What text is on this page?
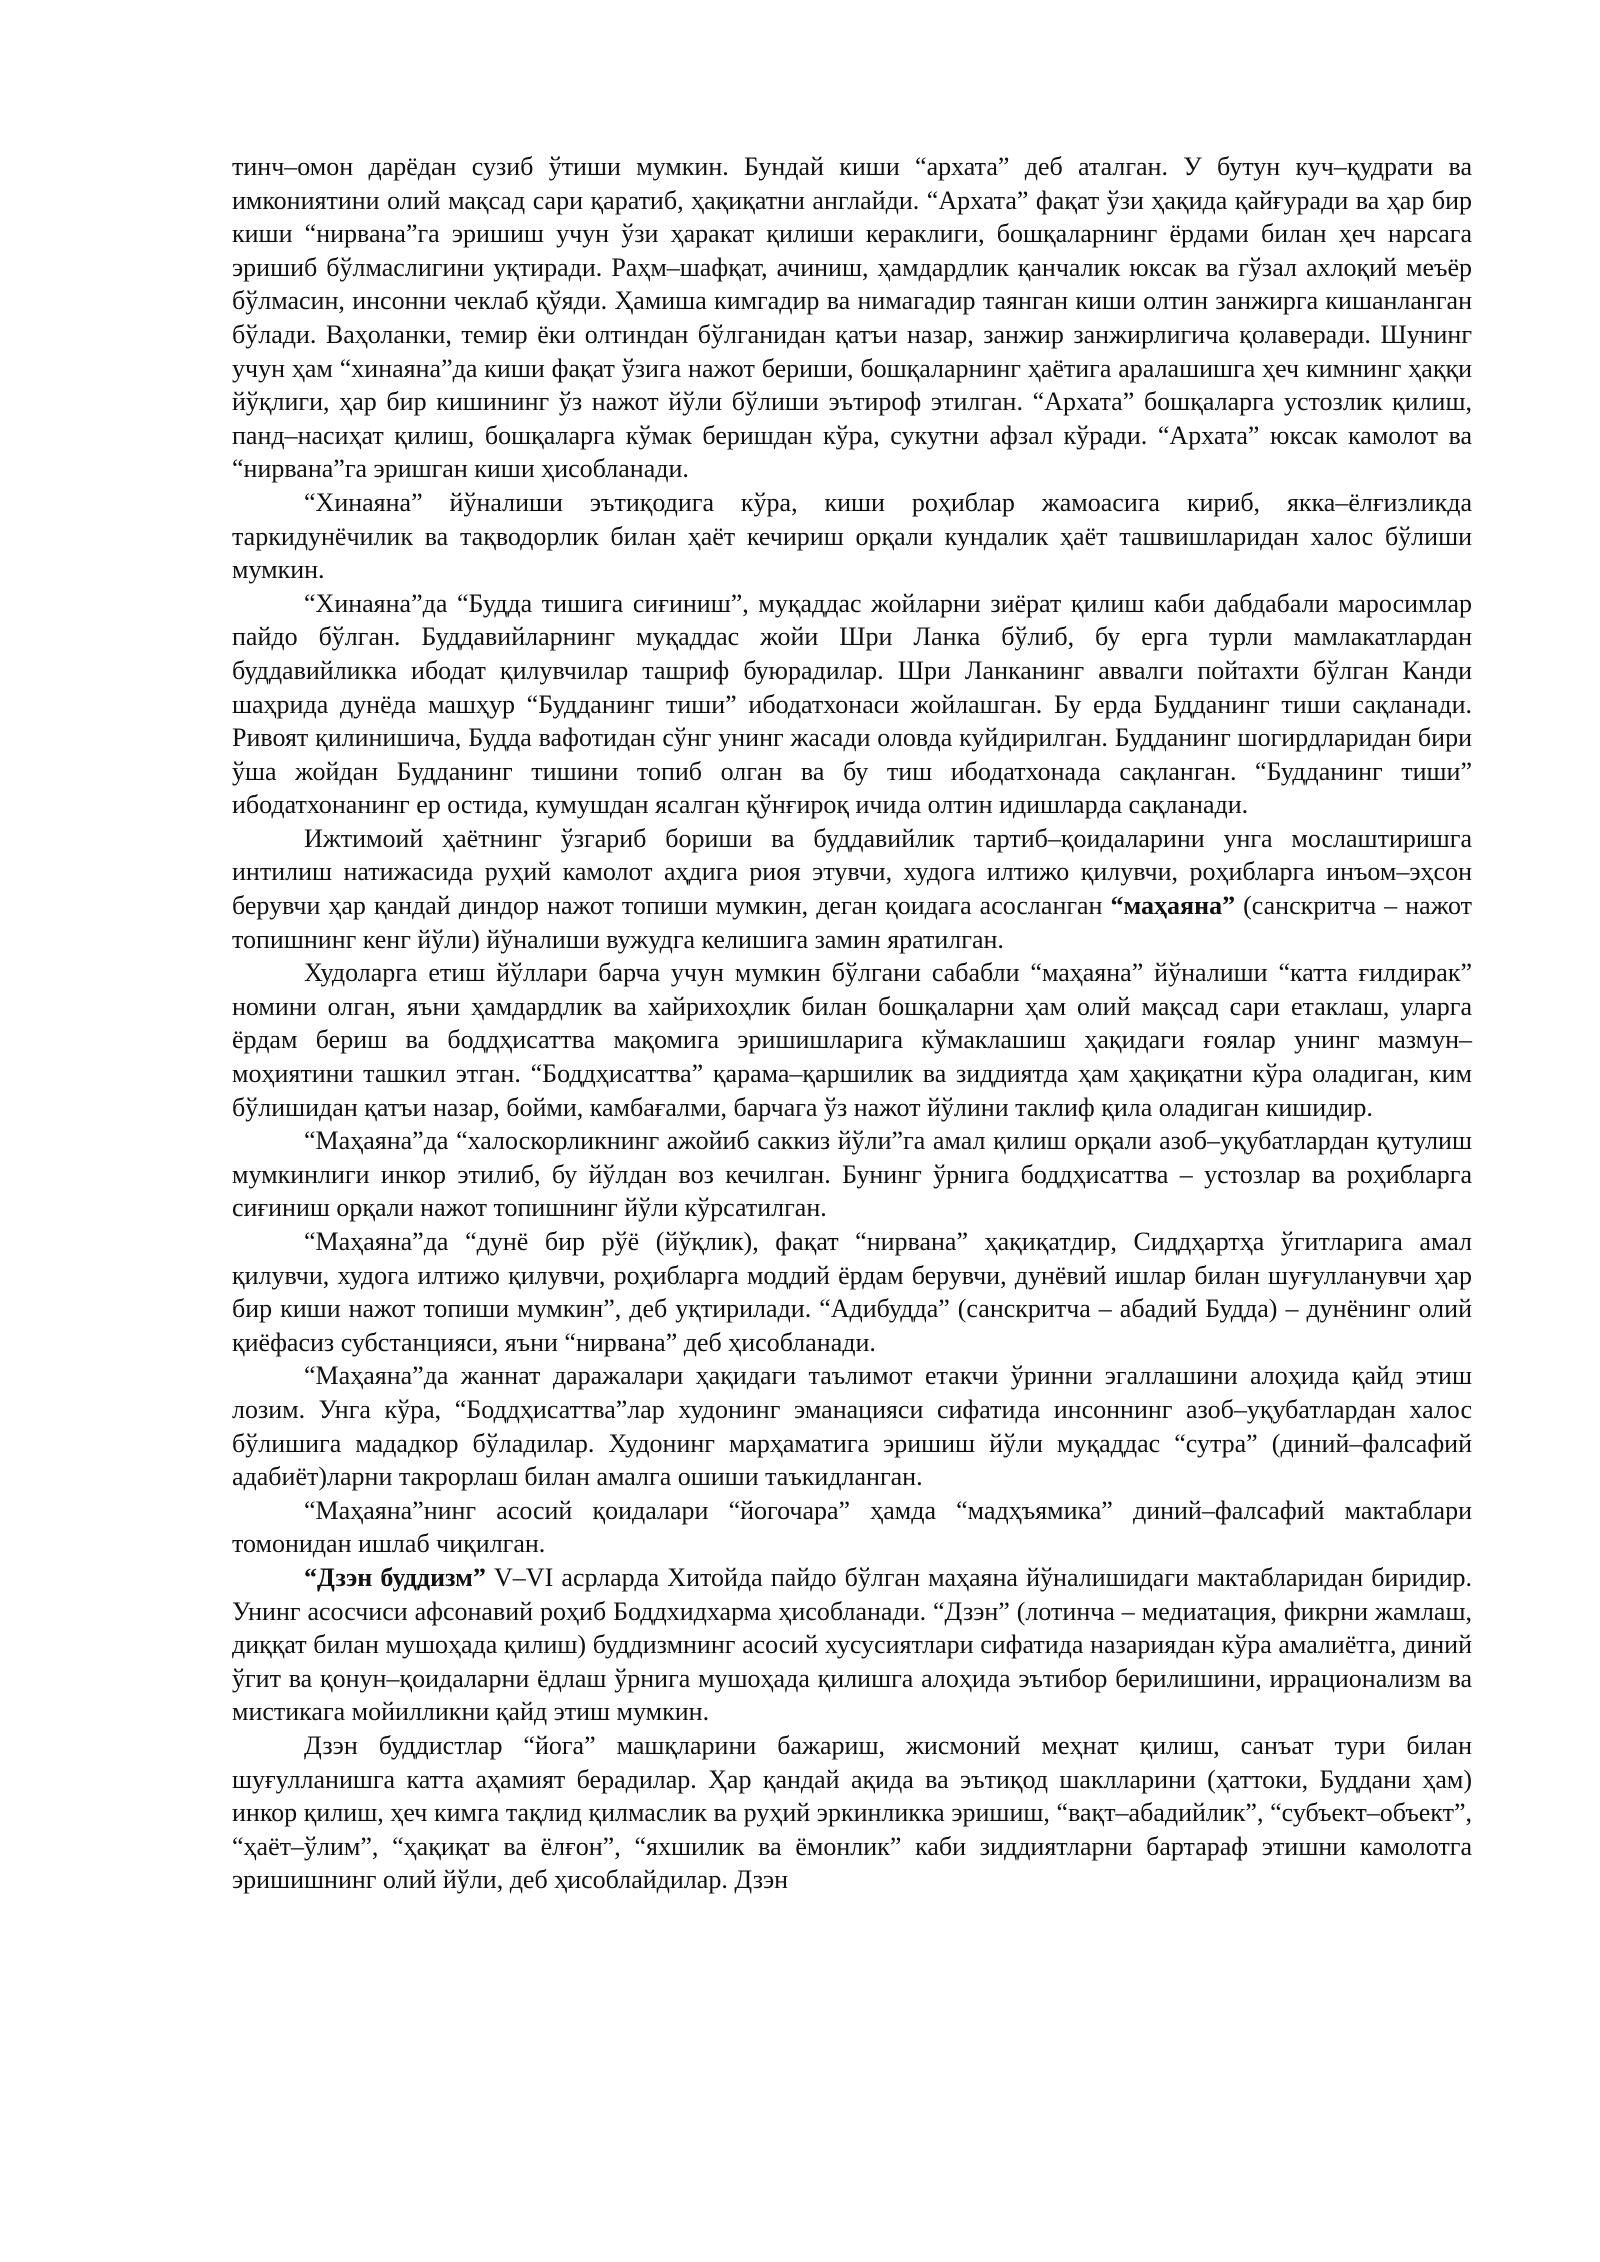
тинч–омон дарёдан сузиб ўтиши мумкин. Бундай киши “архата” деб аталган. У бутун куч–қудрати ва имкониятини олий мақсад сари қаратиб, ҳақиқатни англайди. “Архата” фақат ўзи ҳақида қайғуради ва ҳар бир киши “нирвана”га эришиш учун ўзи ҳаракат қилиши кераклиги, бошқаларнинг ёрдами билан ҳеч нарсага эришиб бўлмаслигини уқтиради. Раҳм–шафқат, ачиниш, ҳамдардлик қанчалик юксак ва гўзал ахлоқий меъёр бўлмасин, инсонни чеклаб қўяди. Ҳамиша кимгадир ва нимагадир таянган киши олтин занжирга кишанланган бўлади. Ваҳоланки, темир ёки олтиндан бўлганидан қатъи назар, занжир занжирлигича қолаверади. Шунинг учун ҳам “хинаяна”да киши фақат ўзига нажот бериши, бошқаларнинг ҳаётига аралашишга ҳеч кимнинг ҳаққи йўқлиги, ҳар бир кишининг ўз нажот йўли бўлиши эътироф этилган. “Архата” бошқаларга устозлик қилиш, панд–насиҳат қилиш, бошқаларга кўмак беришдан кўра, сукутни афзал кўради. “Архата” юксак камолот ва “нирвана”га эришган киши ҳисобланади.

“Хинаяна” йўналиши эътиқодига кўра, киши роҳиблар жамоасига кириб, якка–ёлғизликда таркидунёчилик ва тақводорлик билан ҳаёт кечириш орқали кундалик ҳаёт ташвишларидан халос бўлиши мумкин.

“Хинаяна”да “Будда тишига сиғиниш”, муқаддас жойларни зиёрат қилиш каби дабдабали маросимлар пайдо бўлган. Буддавийларнинг муқаддас жойи Шри Ланка бўлиб, бу ерга турли мамлакатлардан буддавийликка ибодат қилувчилар ташриф буюрадилар. Шри Ланканинг аввалги пойтахти бўлган Канди шаҳрида дунёда машҳур “Будданинг тиши” ибодатхонаси жойлашган. Бу ерда Будданинг тиши сақланади. Ривоят қилинишича, Будда вафотидан сўнг унинг жасади оловда куйдирилган. Будданинг шогирдларидан бири ўша жойдан Будданинг тишини топиб олган ва бу тиш ибодатхонада сақланган. “Будданинг тиши” ибодатхонанинг ер остида, кумушдан ясалган қўнғироқ ичида олтин идишларда сақланади.

Ижтимоий ҳаётнинг ўзгариб бориши ва буддавийлик тартиб–қоидаларини унга мослаштиришга интилиш натижасида руҳий камолот аҳдига риоя этувчи, худога илтижо қилувчи, роҳибларга инъом–эҳсон берувчи ҳар қандай диндор нажот топиши мумкин, деган қоидага асосланган “маҳаяна” (санскритча – нажот топишнинг кенг йўли) йўналиши вужудга келишига замин яратилган.

Худоларга етиш йўллари барча учун мумкин бўлгани сабабли “маҳаяна” йўналиши “катта ғилдирак” номини олган, яъни ҳамдардлик ва хайрихоҳлик билан бошқаларни ҳам олий мақсад сари етаклаш, уларга ёрдам бериш ва боддҳисаттва мақомига эришишларига кўмаклашиш ҳақидаги ғоялар унинг мазмун–моҳиятини ташкил этган. “Боддҳисаттва” қарама–қаршилик ва зиддиятда ҳам ҳақиқатни кўра оладиган, ким бўлишидан қатъи назар, бойми, камбағалми, барчага ўз нажот йўлини таклиф қила оладиган кишидир.

“Маҳаяна”да “халоскорликнинг ажойиб саккиз йўли”га амал қилиш орқали азоб–уқубатлардан қутулиш мумкинлиги инкор этилиб, бу йўлдан воз кечилган. Бунинг ўрнига боддҳисаттва – устозлар ва роҳибларга сиғиниш орқали нажот топишнинг йўли кўрсатилган.

“Маҳаяна”да “дунё бир рўё (йўқлик), фақат “нирвана” ҳақиқатдир, Сиддҳартҳа ўгитларига амал қилувчи, худога илтижо қилувчи, роҳибларга моддий ёрдам берувчи, дунёвий ишлар билан шуғулланувчи ҳар бир киши нажот топиши мумкин”, деб уқтирилади. “Адибудда” (санскритча – абадий Будда) – дунёнинг олий қиёфасиз субстанцияси, яъни “нирвана” деб ҳисобланади.

“Маҳаяна”да жаннат даражалари ҳақидаги таълимот етакчи ўринни эгаллашини алоҳида қайд этиш лозим. Унга кўра, “Боддҳисаттва”лар худонинг эманацияси сифатида инсоннинг азоб–уқубатлардан халос бўлишига мададкор бўладилар. Худонинг марҳаматига эришиш йўли муқаддас “сутра” (диний–фалсафий адабиёт)ларни такрорлаш билан амалга ошиши таъкидланган.

“Маҳаяна”нинг асосий қоидалари “йогочара” ҳамда “мадҳъямика” диний–фалсафий мактаблари томонидан ишлаб чиқилган.

“Дзэн буддизм” V–VI асрларда Хитойда пайдо бўлган маҳаяна йўналишидаги мактабларидан биридир. Унинг асосчиси афсонавий роҳиб Боддхидхарма ҳисобланади. “Дзэн” (лотинча – медиатация, фикрни жамлаш, диққат билан мушоҳада қилиш) буддизмнинг асосий хусусиятлари сифатида назариядан кўра амалиётга, диний ўгит ва қонун–қоидаларни ёдлаш ўрнига мушоҳада қилишга алоҳида эътибор берилишини, иррационализм ва мистикага мойилликни қайд этиш мумкин.

Дзэн буддистлар “йога” машқларини бажариш, жисмоний меҳнат қилиш, санъат тури билан шуғулланишга катта аҳамият берадилар. Ҳар қандай ақида ва эътиқод шаклларини (ҳаттоки, Буддани ҳам) инкор қилиш, ҳеч кимга тақлид қилмаслик ва руҳий эркинликка эришиш, “вақт–абадийлик”, “субъект–объект”, “ҳаёт–ўлим”, “ҳақиқат ва ёлғон”, “яхшилик ва ёмонлик” каби зиддиятларни бартараф этишни камолотга эришишнинг олий йўли, деб ҳисоблайдилар. Дзэн
